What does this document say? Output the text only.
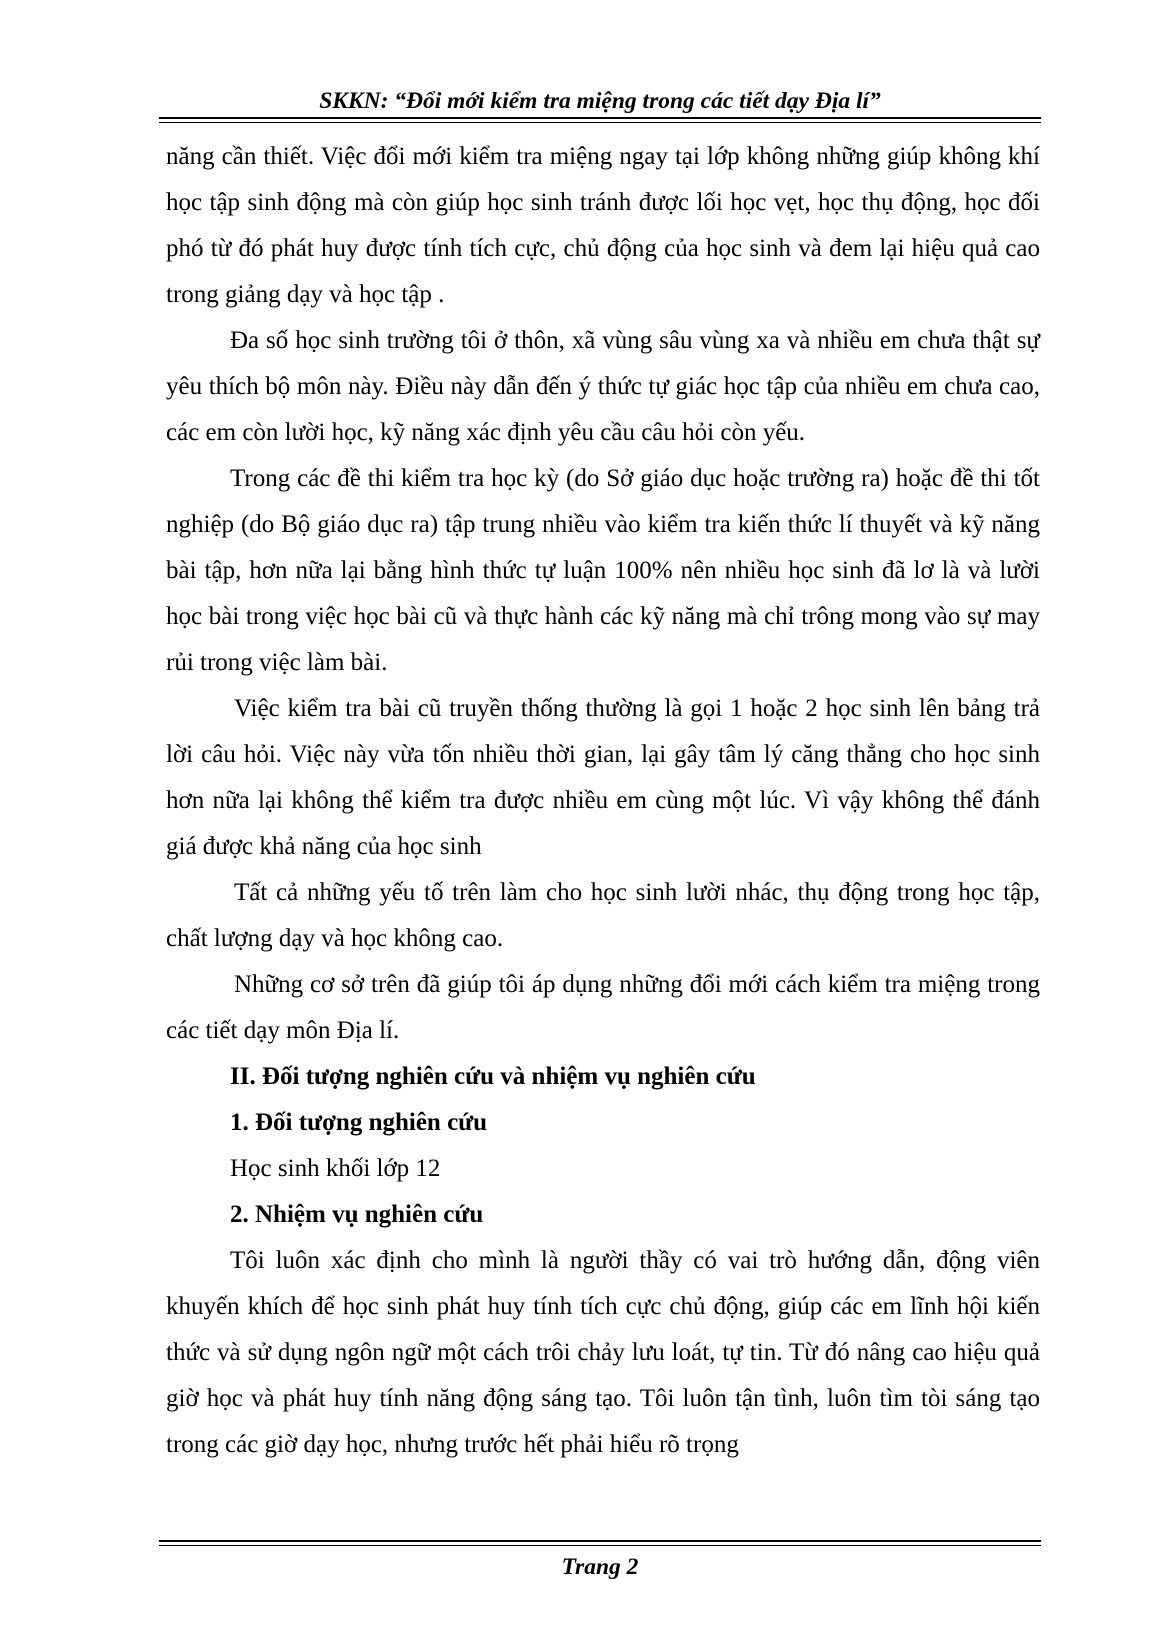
SKKN: “Đổi mới kiểm tra miệng trong các tiết dạy Địa lí”

năng cần thiết. Việc đổi mới kiểm tra miệng ngay tại lớp không những giúp không khí học tập sinh động mà còn giúp học sinh tránh được lối học vẹt, học thụ động, học đối phó từ đó phát huy được tính tích cực, chủ động của học sinh và đem lại hiệu quả cao trong giảng dạy và học tập .

Đa số học sinh trường tôi ở thôn, xã vùng sâu vùng xa và nhiều em chưa thật sự yêu thích bộ môn này. Điều này dẫn đến ý thức tự giác học tập của nhiều em chưa cao, các em còn lười học, kỹ năng xác định yêu cầu câu hỏi còn yếu.

Trong các đề thi kiểm tra học kỳ (do Sở giáo dục hoặc trường ra) hoặc đề thi tốt nghiệp (do Bộ giáo dục ra) tập trung nhiều vào kiểm tra kiến thức lí thuyết và kỹ năng bài tập, hơn nữa lại bằng hình thức tự luận 100% nên nhiều học sinh đã lơ là và lười học bài trong việc học bài cũ và thực hành các kỹ năng mà chỉ trông mong vào sự may rủi trong việc làm bài.

Việc kiểm tra bài cũ truyền thống thường là gọi 1 hoặc 2 học sinh lên bảng trả lời câu hỏi. Việc này vừa tốn nhiều thời gian, lại gây tâm lý căng thẳng cho học sinh hơn nữa lại không thể kiểm tra được nhiều em cùng một lúc. Vì vậy không thể đánh giá được khả năng của học sinh

Tất cả những yếu tố trên làm cho học sinh lười nhác, thụ động trong học tập, chất lượng dạy và học không cao.

Những cơ sở trên đã giúp tôi áp dụng những đổi mới cách kiểm tra miệng trong các tiết dạy môn Địa lí.

II. Đối tượng nghiên cứu và nhiệm vụ nghiên cứu

1. Đối tượng nghiên cứu

Học sinh khối lớp 12

2. Nhiệm vụ nghiên cứu

Tôi luôn xác định cho mình là người thầy có vai trò hướng dẫn, động viên khuyến khích để học sinh phát huy tính tích cực chủ động, giúp các em lĩnh hội kiến thức và sử dụng ngôn ngữ một cách trôi chảy lưu loát, tự tin. Từ đó nâng cao hiệu quả giờ học và phát huy tính năng động sáng tạo. Tôi luôn tận tình, luôn tìm tòi sáng tạo trong các giờ dạy học, nhưng trước hết phải hiểu rõ trọng

Trang 2
